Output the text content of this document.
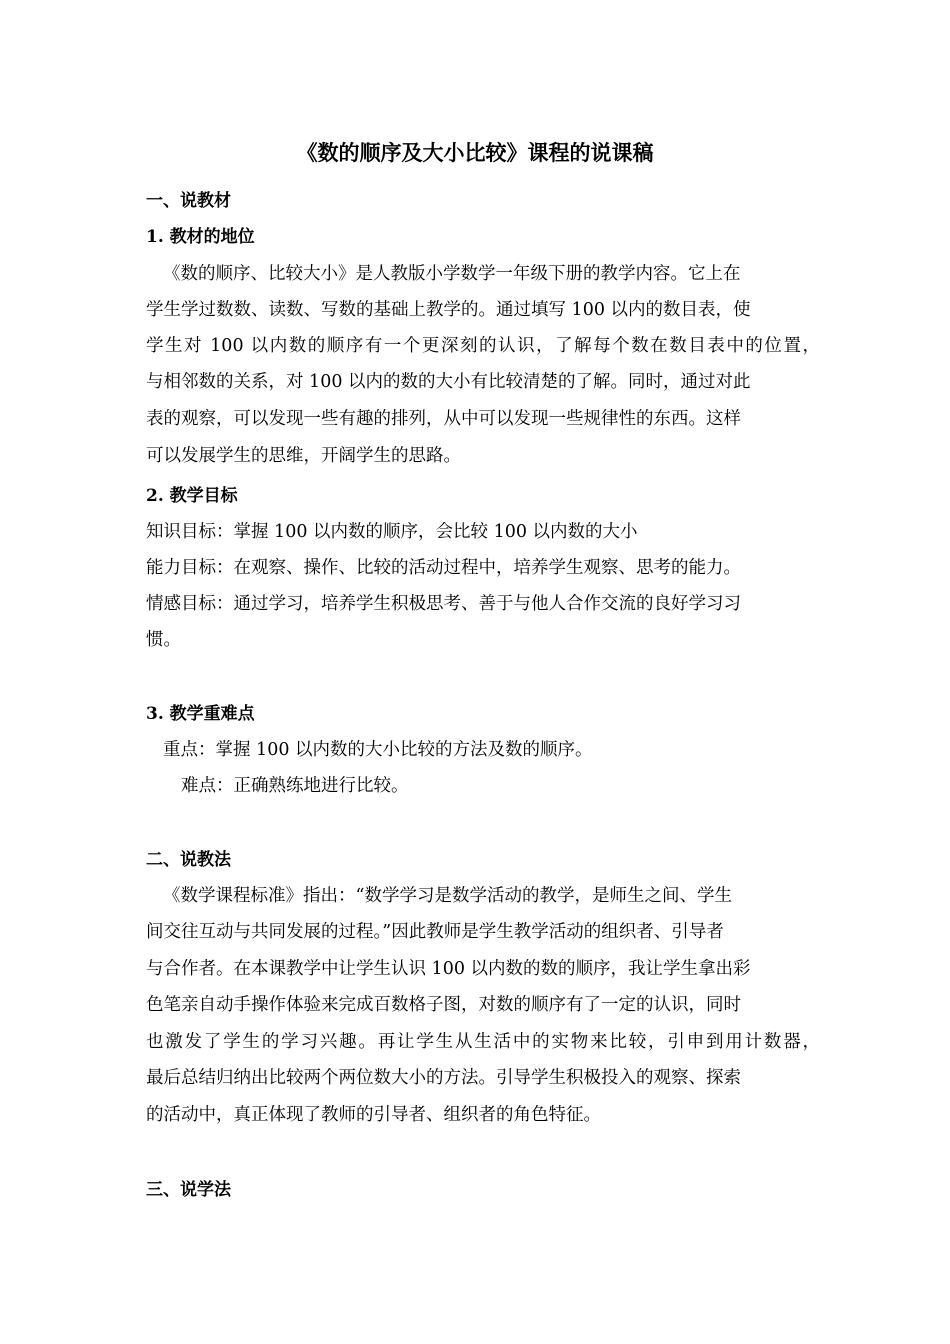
《数的顺序及大小比较》课程的说课稿
一、说教材
1. 教材的地位
《数的顺序、比较大小》是人教版小学数学一年级下册的教学内容。它上在
学生学过数数、读数、写数的基础上教学的。通过填写 100 以内的数目表，使
学生对 100 以内数的顺序有一个更深刻的认识，了解每个数在数目表中的位置，
与相邻数的关系，对 100 以内的数的大小有比较清楚的了解。同时，通过对此
表的观察，可以发现一些有趣的排列，从中可以发现一些规律性的东西。这样
可以发展学生的思维，开阔学生的思路。
2. 教学目标
知识目标：掌握 100 以内数的顺序，会比较 100 以内数的大小
能力目标：在观察、操作、比较的活动过程中，培养学生观察、思考的能力。
情感目标：通过学习，培养学生积极思考、善于与他人合作交流的良好学习习
惯。
3. 教学重难点
重点：掌握 100 以内数的大小比较的方法及数的顺序。
难点：正确熟练地进行比较。
二、说教法
《数学课程标准》指出：“数学学习是数学活动的教学，是师生之间、学生
间交往互动与共同发展的过程。”因此教师是学生教学活动的组织者、引导者
与合作者。在本课教学中让学生认识 100 以内数的数的顺序，我让学生拿出彩
色笔亲自动手操作体验来完成百数格子图，对数的顺序有了一定的认识，同时
也激发了学生的学习兴趣。再让学生从生活中的实物来比较，引申到用计数器，
最后总结归纳出比较两个两位数大小的方法。引导学生积极投入的观察、探索
的活动中，真正体现了教师的引导者、组织者的角色特征。
三、说学法
